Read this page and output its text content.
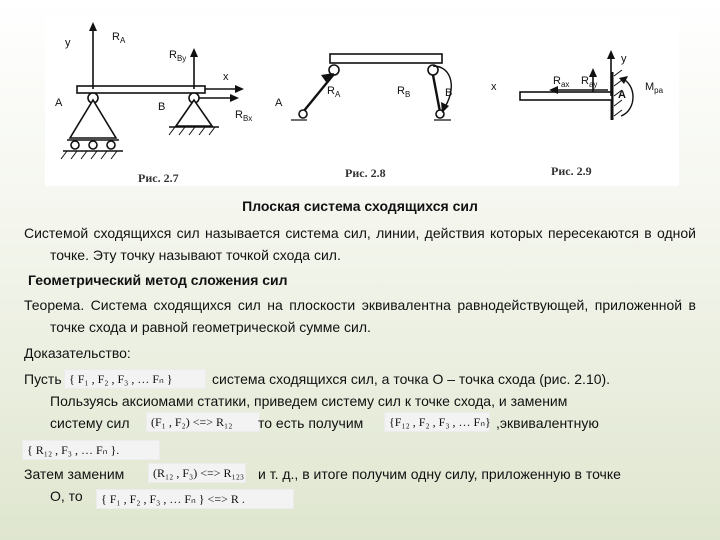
y	$R_A$
$R_{By}$
x
A	B
$R_{Bx}$
A
$R_A$	$R_B$	B	x	$R_{ax}$ $R_{ay}$
y
A
$M_{pa}$
Рис. 2.7	Рис. 2.8	Рис. 2.9
Плоская система сходящихся сил
Системой сходящихся сил называется система сил, линии, действия которых пересекаются в одной точке. Эту точку называют точкой схода сил.
Геометрический метод сложения сил
Теорема. Система сходящихся сил на плоскости эквивалентна равнодействующей, приложенной в точке схода и равной геометрической сумме сил.
Доказательство:
Пусть { F₁ , F₂ , F₃ , … Fₙ }	система сходящихся сил, а точка O – точка схода (рис. 2.10).
Пользуясь аксиомами статики, приведем систему сил к точке схода, и заменим
систему сил	(F₁ , F₂) <=> R₁₂	то есть получим	{F₁₂ , F₂ , F₃ , … Fₙ} ,эквивалентную
{ R₁₂ , F₃ , … Fₙ }.
Затем заменим	(R₁₂ , F₃) <=> R₁₂₃ и т. д., в итоге получим одну силу, приложенную в точке
O, то	{ F₁ , F₂ , F₃ , … Fₙ } <=> R .
